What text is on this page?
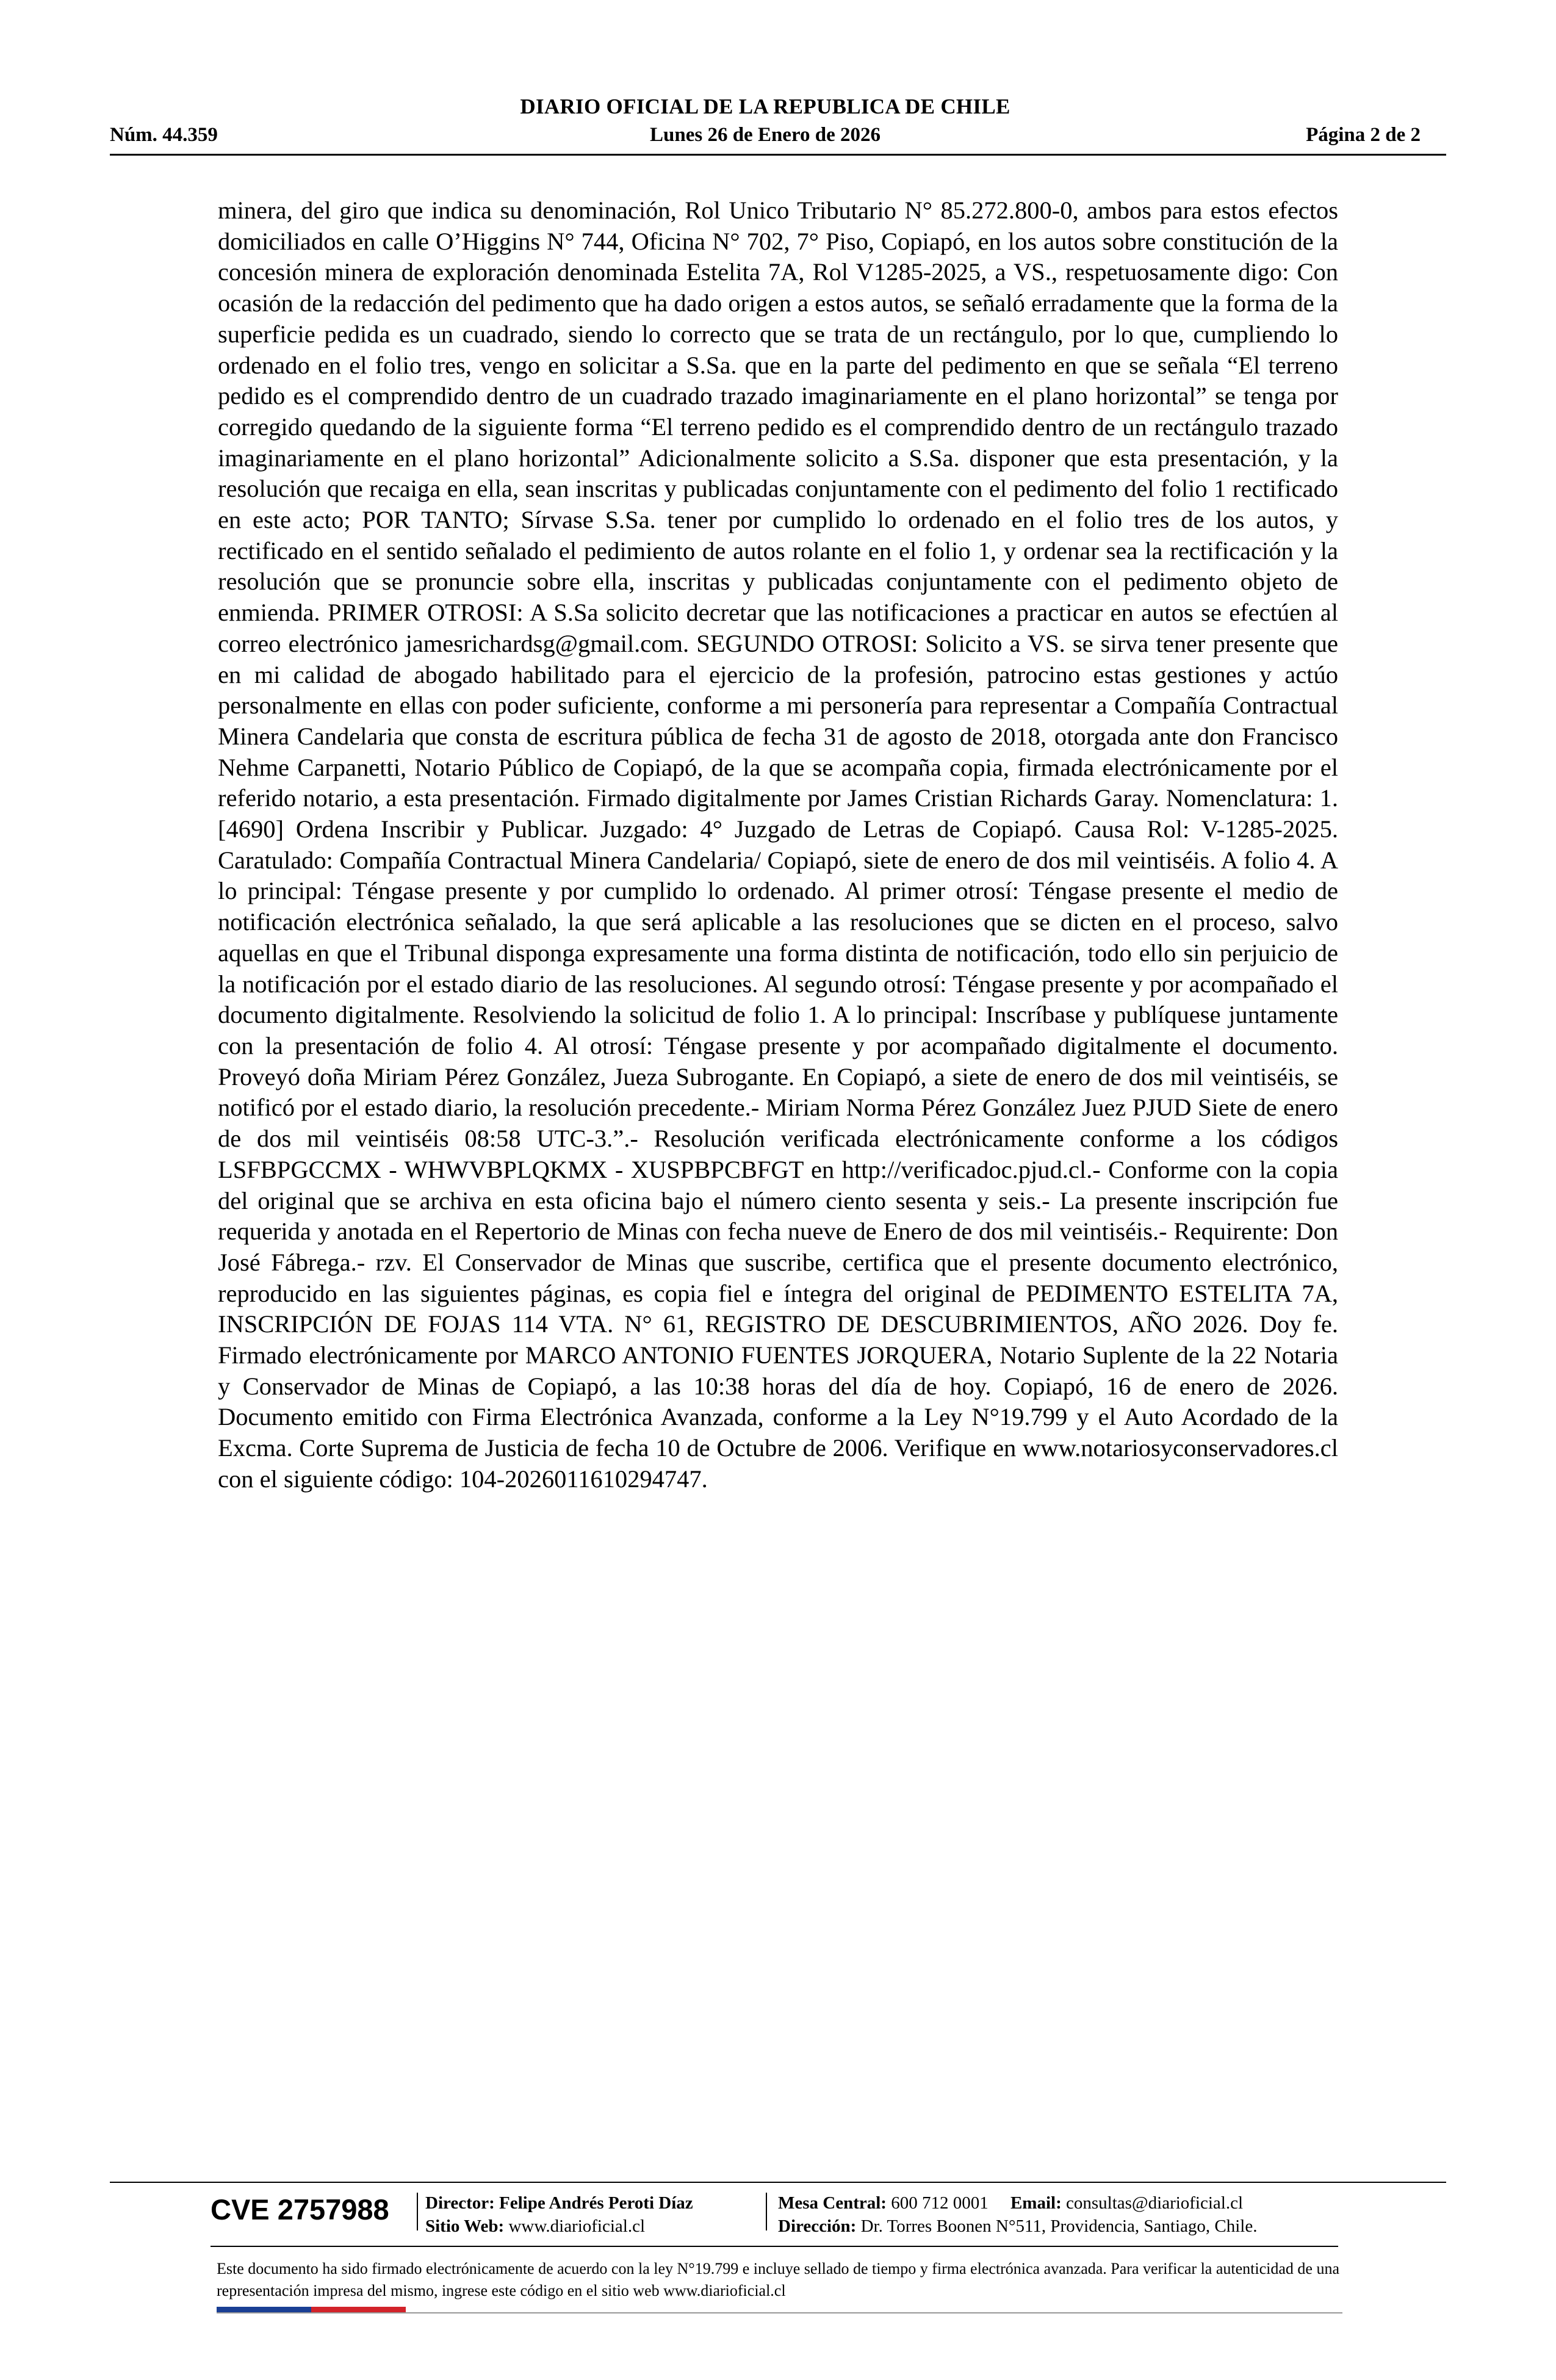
DIARIO OFICIAL DE LA REPUBLICA DE CHILE
Núm. 44.359	Lunes 26 de Enero de 2026	Página 2 de 2
minera, del giro que indica su denominación, Rol Unico Tributario N° 85.272.800-0, ambos para estos efectos domiciliados en calle O’Higgins N° 744, Oficina N° 702, 7° Piso, Copiapó, en los autos sobre constitución de la concesión minera de exploración denominada Estelita 7A, Rol V1285-2025, a VS., respetuosamente digo: Con ocasión de la redacción del pedimento que ha dado origen a estos autos, se señaló erradamente que la forma de la superficie pedida es un cuadrado, siendo lo correcto que se trata de un rectángulo, por lo que, cumpliendo lo ordenado en el folio tres, vengo en solicitar a S.Sa. que en la parte del pedimento en que se señala “El terreno pedido es el comprendido dentro de un cuadrado trazado imaginariamente en el plano horizontal” se tenga por corregido quedando de la siguiente forma “El terreno pedido es el comprendido dentro de un rectángulo trazado imaginariamente en el plano horizontal” Adicionalmente solicito a S.Sa. disponer que esta presentación, y la resolución que recaiga en ella, sean inscritas y publicadas conjuntamente con el pedimento del folio 1 rectificado en este acto; POR TANTO; Sírvase S.Sa. tener por cumplido lo ordenado en el folio tres de los autos, y rectificado en el sentido señalado el pedimiento de autos rolante en el folio 1, y ordenar sea la rectificación y la resolución que se pronuncie sobre ella, inscritas y publicadas conjuntamente con el pedimento objeto de enmienda. PRIMER OTROSI: A S.Sa solicito decretar que las notificaciones a practicar en autos se efectúen al correo electrónico jamesrichardsg@gmail.com. SEGUNDO OTROSI: Solicito a VS. se sirva tener presente que en mi calidad de abogado habilitado para el ejercicio de la profesión, patrocino estas gestiones y actúo personalmente en ellas con poder suficiente, conforme a mi personería para representar a Compañía Contractual Minera Candelaria que consta de escritura pública de fecha 31 de agosto de 2018, otorgada ante don Francisco Nehme Carpanetti, Notario Público de Copiapó, de la que se acompaña copia, firmada electrónicamente por el referido notario, a esta presentación. Firmado digitalmente por James Cristian Richards Garay. Nomenclatura: 1. [4690] Ordena Inscribir y Publicar. Juzgado: 4° Juzgado de Letras de Copiapó. Causa Rol: V-1285-2025. Caratulado: Compañía Contractual Minera Candelaria/ Copiapó, siete de enero de dos mil veintiséis. A folio 4. A lo principal: Téngase presente y por cumplido lo ordenado. Al primer otrosí: Téngase presente el medio de notificación electrónica señalado, la que será aplicable a las resoluciones que se dicten en el proceso, salvo aquellas en que el Tribunal disponga expresamente una forma distinta de notificación, todo ello sin perjuicio de la notificación por el estado diario de las resoluciones. Al segundo otrosí: Téngase presente y por acompañado el documento digitalmente. Resolviendo la solicitud de folio 1. A lo principal: Inscríbase y publíquese juntamente con la presentación de folio 4. Al otrosí: Téngase presente y por acompañado digitalmente el documento. Proveyó doña Miriam Pérez González, Jueza Subrogante. En Copiapó, a siete de enero de dos mil veintiséis, se notificó por el estado diario, la resolución precedente.- Miriam Norma Pérez González Juez PJUD Siete de enero de dos mil veintiséis 08:58 UTC-3.”.- Resolución verificada electrónicamente conforme a los códigos LSFBPGCCMX - WHWVBPLQKMX - XUSPBPCBFGT en http://verificadoc.pjud.cl.- Conforme con la copia del original que se archiva en esta oficina bajo el número ciento sesenta y seis.- La presente inscripción fue requerida y anotada en el Repertorio de Minas con fecha nueve de Enero de dos mil veintiséis.- Requirente: Don José Fábrega.- rzv. El Conservador de Minas que suscribe, certifica que el presente documento electrónico, reproducido en las siguientes páginas, es copia fiel e íntegra del original de PEDIMENTO ESTELITA 7A, INSCRIPCIÓN DE FOJAS 114 VTA. N° 61, REGISTRO DE DESCUBRIMIENTOS, AÑO 2026. Doy fe. Firmado electrónicamente por MARCO ANTONIO FUENTES JORQUERA, Notario Suplente de la 22 Notaria y Conservador de Minas de Copiapó, a las 10:38 horas del día de hoy. Copiapó, 16 de enero de 2026. Documento emitido con Firma Electrónica Avanzada, conforme a la Ley N°19.799 y el Auto Acordado de la Excma. Corte Suprema de Justicia de fecha 10 de Octubre de 2006. Verifique en www.notariosyconservadores.cl con el siguiente código: 104-2026011610294747.
CVE 2757988 Director: Felipe Andrés Peroti Díaz
Sitio Web: www.diarioficial.cl
Mesa Central: 600 712 0001 Email: consultas@diarioficial.cl
Dirección: Dr. Torres Boonen N°511, Providencia, Santiago, Chile.
Este documento ha sido firmado electrónicamente de acuerdo con la ley N°19.799 e incluye sellado de tiempo y firma electrónica avanzada. Para verificar la autenticidad de una representación impresa del mismo, ingrese este código en el sitio web www.diarioficial.cl
